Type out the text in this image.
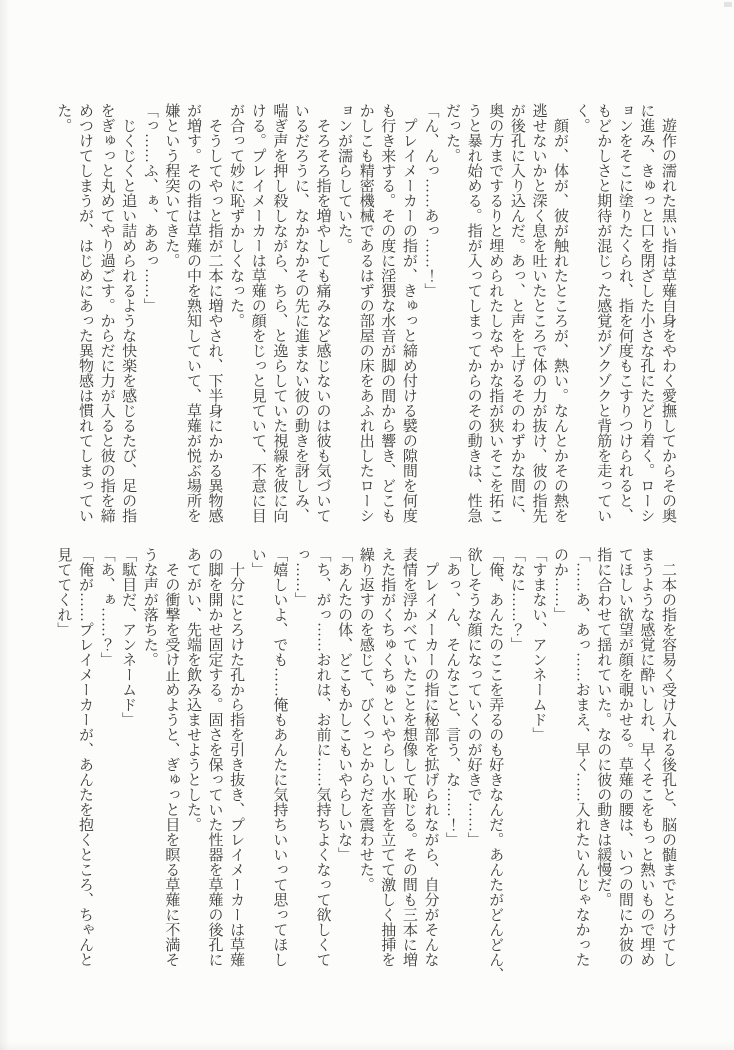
　遊作の濡れた黒い指は草薙自身をやわく愛撫してからその奥

に進み、きゅっと口を閉ざした小さな孔にたどり着く。ローシ

ョンをそこに塗りたくられ、指を何度もこすりつけられると、

もどかしさと期待が混じった感覚がゾクゾクと背筋を走ってい

く。

　顔が、体が、彼が触れたところが、熱い。なんとかその熱を

逃せないかと深く息を吐いたところで体の力が抜け、彼の指先

が後孔に入り込んだ。あっ、と声を上げるそのわずかな間に、

奥の方までするりと埋められたしなやかな指が狭いそこを拓こ

うと暴れ始める。指が入ってしまってからのその動きは、性急

だった。

「ん、んっ……あっ……！」

　プレイメーカーの指が、きゅっと締め付ける襞の隙間を何度

も行き来する。その度に淫猥な水音が脚の間から響き、どこも

かしこも精密機械であるはずの部屋の床をあふれ出したローシ

ョンが濡らしていた。

　そろそろ指を増やしても痛みなど感じないのは彼も気づいて

いるだろうに、なかなかその先に進まない彼の動きを訝しみ、

喘ぎ声を押し殺しながら、ちら、と逸らしていた視線を彼に向

ける。プレイメーカーは草薙の顔をじっと見ていて、不意に目

が合って妙に恥ずかしくなった。

　そうしてやっと指が二本に増やされ、下半身にかかる異物感

が増す。その指は草薙の中を熟知していて、草薙が悦ぶ場所を

嫌という程突いてきた。

「っ……ふ、ぁ、ああっ……」

　じくじくと追い詰められるような快楽を感じるたび、足の指

をぎゅっと丸めてやり過ごす。からだに力が入ると彼の指を締

めつけてしまうが、はじめにあった異物感は慣れてしまってい

た。

　二本の指を容易く受け入れる後孔と、脳の髄までとろけてし

まうような感覚に酔いしれ、早くそこをもっと熱いもので埋め

てほしい欲望が顔を覗かせる。草薙の腰は、いつの間にか彼の

指に合わせて揺れていた。なのに彼の動きは緩慢だ。

「……あ、あっ……おまえ、早く……入れたいんじゃなかった

のか……」

「すまない、アンネームド」

「なに……？」

「俺、あんたのここを弄るのも好きなんだ。あんたがどんどん、

欲しそうな顔になっていくのが好きで……」

「あっ、ん、そんなこと、言う、な……！」

　プレイメーカーの指に秘部を拡げられながら、自分がそんな

表情を浮かべていたことを想像して恥じる。その間も三本に増

えた指がくちゅくちゅといやらしい水音を立てて激しく抽挿を

繰り返すのを感じて、びくっとからだを震わせた。

「あんたの体、どこもかしこもいやらしいな」

「ち、がっ……おれは、お前に……気持ちよくなって欲しくて

っ……」

「嬉しいよ、でも……俺もあんたに気持ちいいって思ってほし

い」

　十分にとろけた孔から指を引き抜き、プレイメーカーは草薙

の脚を開かせ固定する。固さを保っていた性器を草薙の後孔に

あてがい、先端を飲み込ませようとした。

　その衝撃を受け止めようと、ぎゅっと目を瞑る草薙に不満そ

うな声が落ちた。

「駄目だ、アンネームド」

「あ、ぁ……？」

「俺が……プレイメーカーが、あんたを抱くところ、ちゃんと

見ててくれ」
